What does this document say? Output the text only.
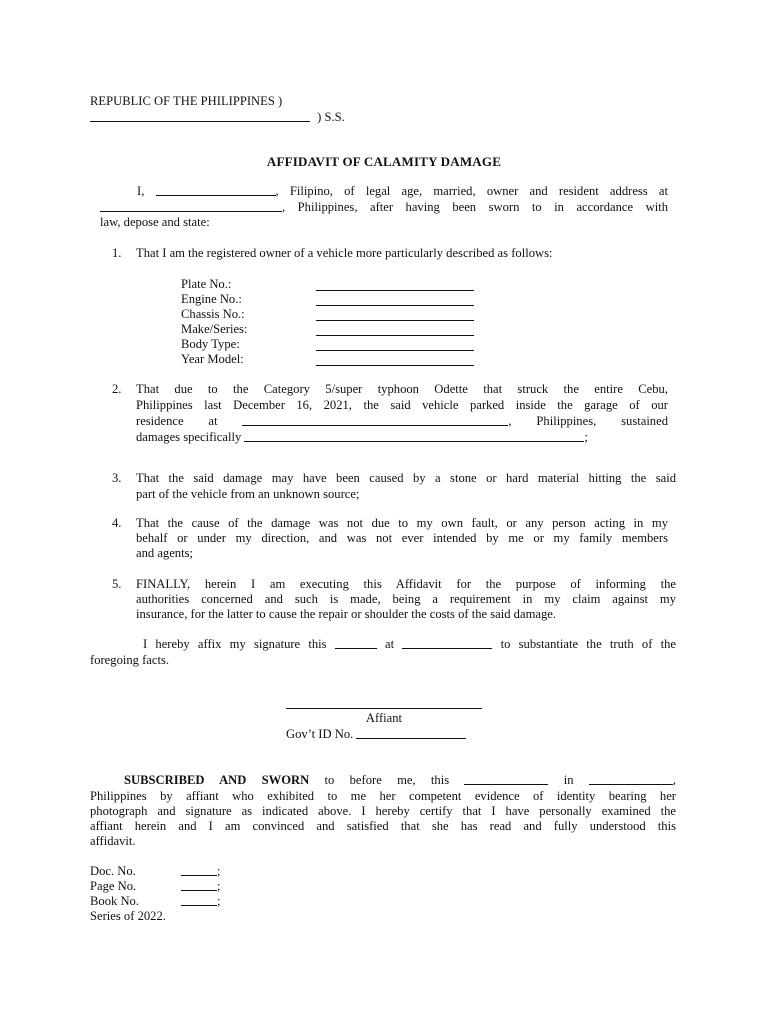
REPUBLIC OF THE PHILIPPINES )
) S.S.
AFFIDAVIT OF CALAMITY DAMAGE
I,	, Filipino, of legal age, married, owner and resident address at
, Philippines, after having been sworn to in accordance with
law, depose and state:
1. That I am the registered owner of a vehicle more particularly described as follows:
Plate No.:
Engine No.:
Chassis No.:
Make/Series:
Body Type:
Year Model:
2. That due to the Category 5/super typhoon Odette that struck the entire Cebu,
Philippines last December 16, 2021, the said vehicle parked inside the garage of our
residence at	, Philippines, sustained
damages specifically	;
3. That the said damage may have been caused by a stone or hard material hitting the said
part of the vehicle from an unknown source;
4. That the cause of the damage was not due to my own fault, or any person acting in my
behalf or under my direction, and was not ever intended by me or my family members
and agents;
5. FINALLY, herein I am executing this Affidavit for the purpose of informing the
authorities concerned and such is made, being a requirement in my claim against my
insurance, for the latter to cause the repair or shoulder the costs of the said damage.
I hereby affix my signature this	at	to substantiate the truth of the
foregoing facts.
Affiant
Gov’t ID No.
SUBSCRIBED AND SWORN to before me, this	in	,
Philippines by affiant who exhibited to me her competent evidence of identity bearing her
photograph and signature as indicated above. I hereby certify that I have personally examined the
affiant herein and I am convinced and satisfied that she has read and fully understood this
affidavit.
Doc. No.	;
Page No.	;
Book No.	;
Series of 2022.
